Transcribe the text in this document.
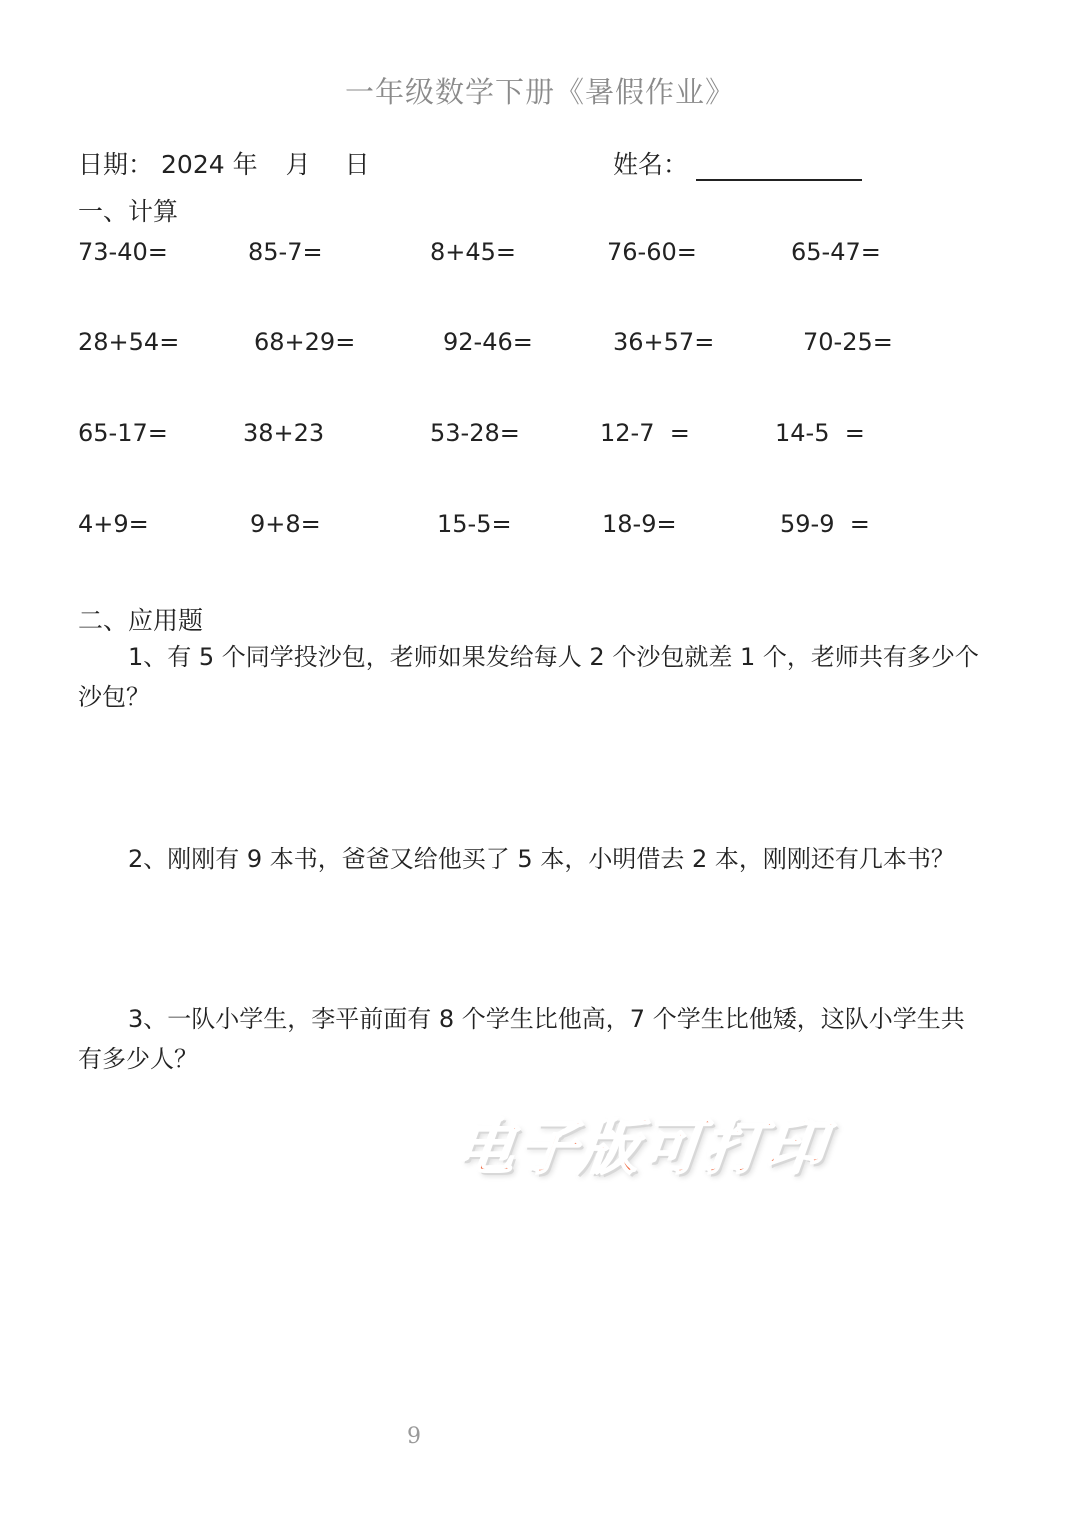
一年级数学下册《暑假作业》
日期： 2024 年 月 日	姓名：
一、计算
73-40=	85-7=	8+45=	76-60=	65-47=
28+54=	68+29=	92-46=	36+57=	70-25=
65-17=	38+23	53-28=	12-7  =	14-5  =
4+9=	9+8=	15-5=	18-9=	59-9  =
二、应用题
1、有 5 个同学投沙包，老师如果发给每人 2 个沙包就差 1 个，老师共有多少个沙包？
2、刚刚有 9 本书，爸爸又给他买了 5 本，小明借去 2 本，刚刚还有几本书？
3、一队小学生，李平前面有 8 个学生比他高，7 个学生比他矮，这队小学生共有多少人？
电子版可打印
9
